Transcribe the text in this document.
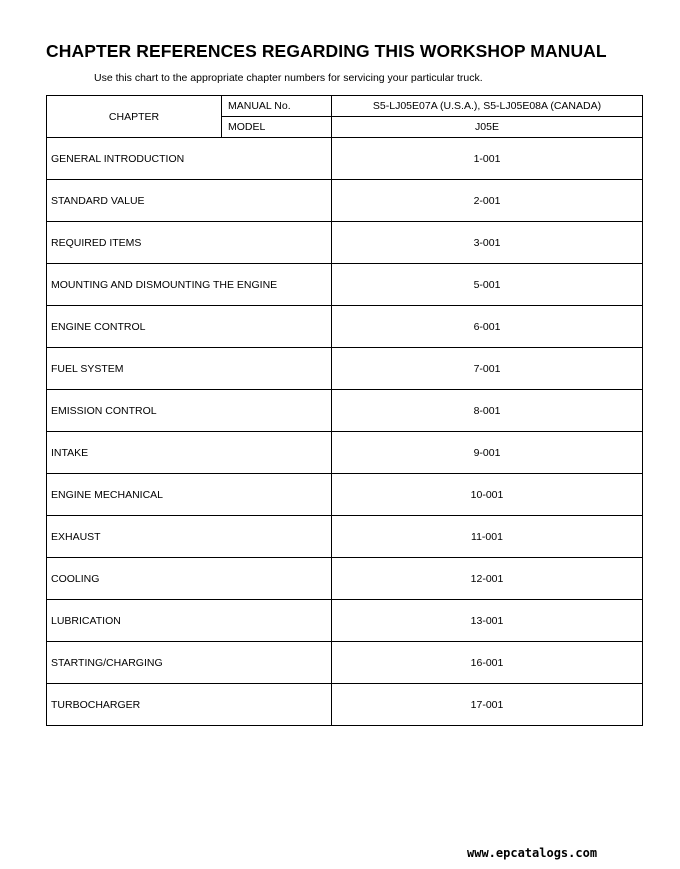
CHAPTER REFERENCES REGARDING THIS WORKSHOP MANUAL
Use this chart to the appropriate chapter numbers for servicing your particular truck.
CHAPTER	MANUAL No.	S5-LJ05E07A (U.S.A.), S5-LJ05E08A (CANADA)
	MODEL	J05E
GENERAL INTRODUCTION		1-001
STANDARD VALUE		2-001
REQUIRED ITEMS		3-001
MOUNTING AND DISMOUNTING THE ENGINE		5-001
ENGINE CONTROL		6-001
FUEL SYSTEM		7-001
EMISSION CONTROL		8-001
INTAKE		9-001
ENGINE MECHANICAL		10-001
EXHAUST		11-001
COOLING		12-001
LUBRICATION		13-001
STARTING/CHARGING		16-001
TURBOCHARGER		17-001
www.epcatalogs.com
